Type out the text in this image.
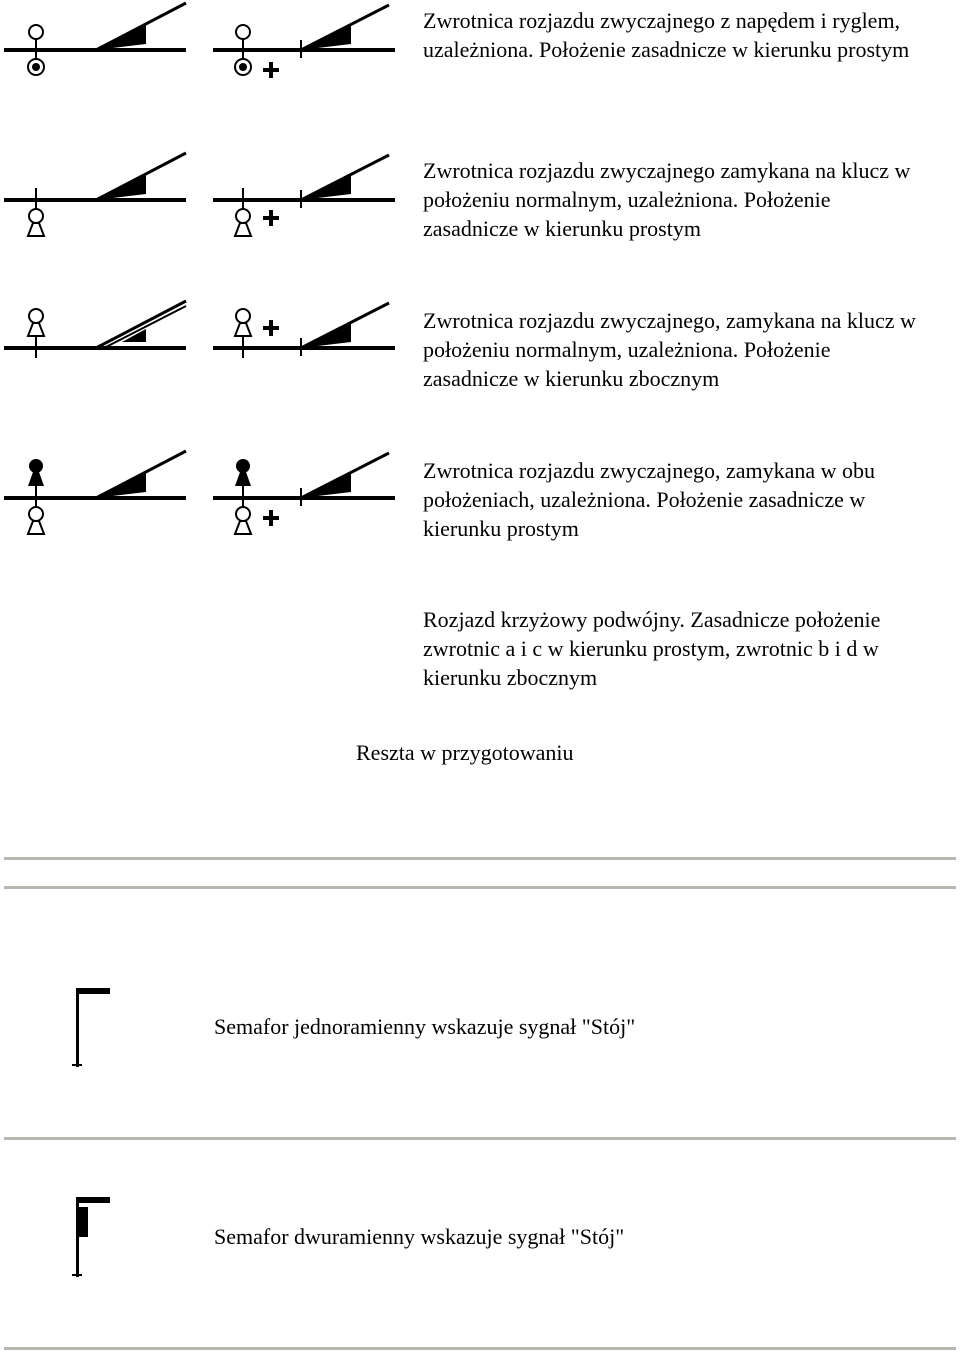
Zwrotnica rozjazdu zwyczajnego z napędem i ryglem, uzależniona. Położenie zasadnicze w kierunku prostym

Zwrotnica rozjazdu zwyczajnego zamykana na klucz w położeniu normalnym, uzależniona. Położenie zasadnicze w kierunku prostym

Zwrotnica rozjazdu zwyczajnego, zamykana na klucz w położeniu normalnym, uzależniona. Położenie zasadnicze w kierunku zbocznym

Zwrotnica rozjazdu zwyczajnego, zamykana w obu położeniach, uzależniona. Położenie zasadnicze w kierunku prostym

Rozjazd krzyżowy podwójny. Zasadnicze położenie zwrotnic a i c w kierunku prostym, zwrotnic b i d w kierunku zbocznym

Reszta w przygotowaniu

Semafor jednoramienny wskazuje sygnał "Stój"

Semafor dwuramienny wskazuje sygnał "Stój"
